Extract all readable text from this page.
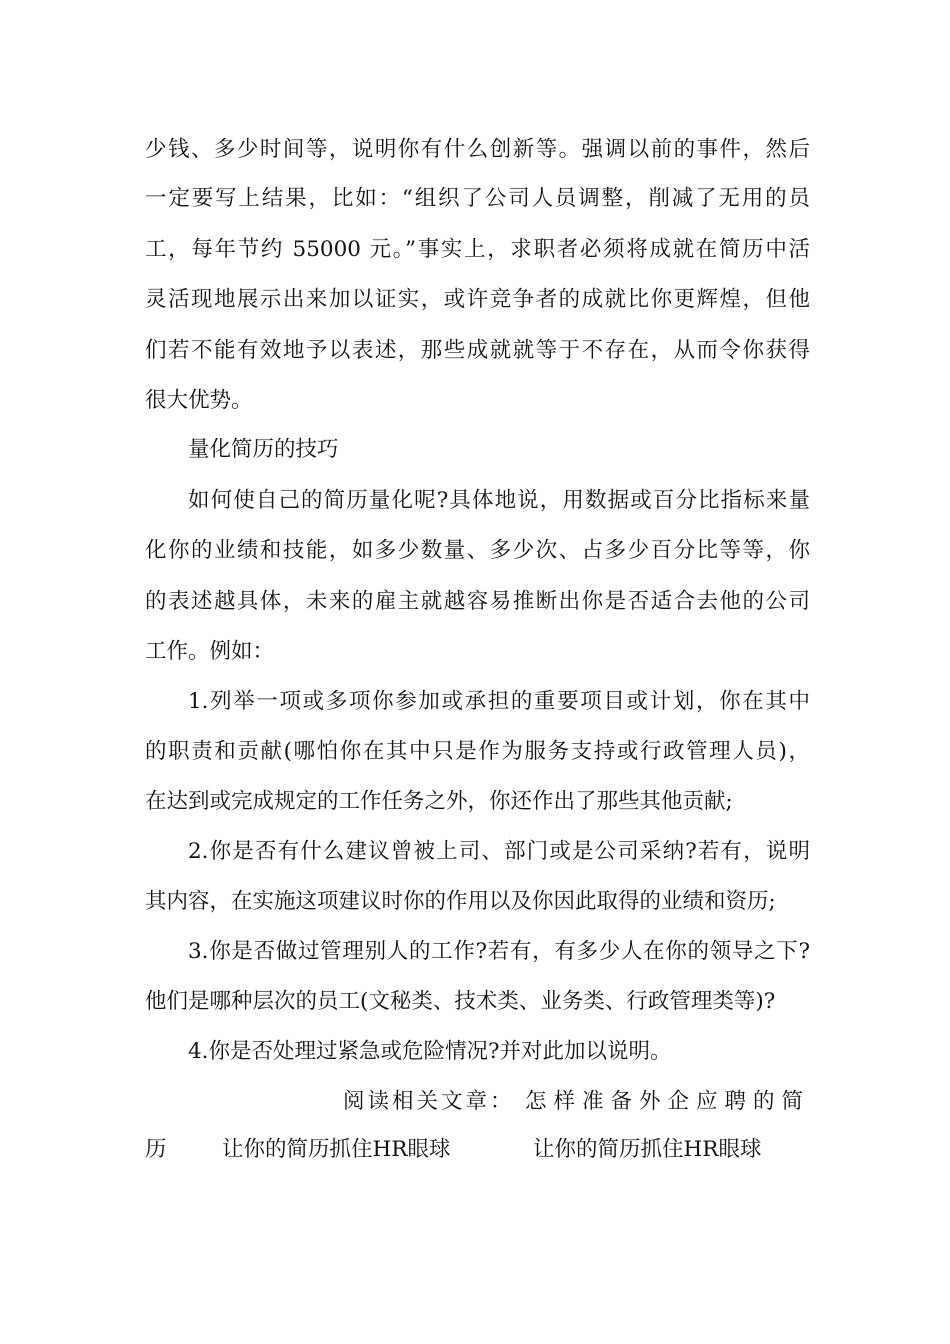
少钱、多少时间等，说明你有什么创新等。强调以前的事件，然后
一定要写上结果，比如：“组织了公司人员调整，削减了无用的员
工，每年节约 55000 元。”事实上，求职者必须将成就在简历中活
灵活现地展示出来加以证实，或许竞争者的成就比你更辉煌，但他
们若不能有效地予以表述，那些成就就等于不存在，从而令你获得
很大优势。
量化简历的技巧
如何使自己的简历量化呢?具体地说，用数据或百分比指标来量
化你的业绩和技能，如多少数量、多少次、占多少百分比等等，你
的表述越具体，未来的雇主就越容易推断出你是否适合去他的公司
工作。例如：
1.列举一项或多项你参加或承担的重要项目或计划，你在其中
的职责和贡献(哪怕你在其中只是作为服务支持或行政管理人员)，
在达到或完成规定的工作任务之外，你还作出了那些其他贡献;
2.你是否有什么建议曾被上司、部门或是公司采纳?若有，说明
其内容，在实施这项建议时你的作用以及你因此取得的业绩和资历;
3.你是否做过管理别人的工作?若有，有多少人在你的领导之下?
他们是哪种层次的员工(文秘类、技术类、业务类、行政管理类等)?
4.你是否处理过紧急或危险情况?并对此加以说明。
阅读相关文章： 怎样准备外企应聘的简
历	让你的简历抓住HR眼球	让你的简历抓住HR眼球
